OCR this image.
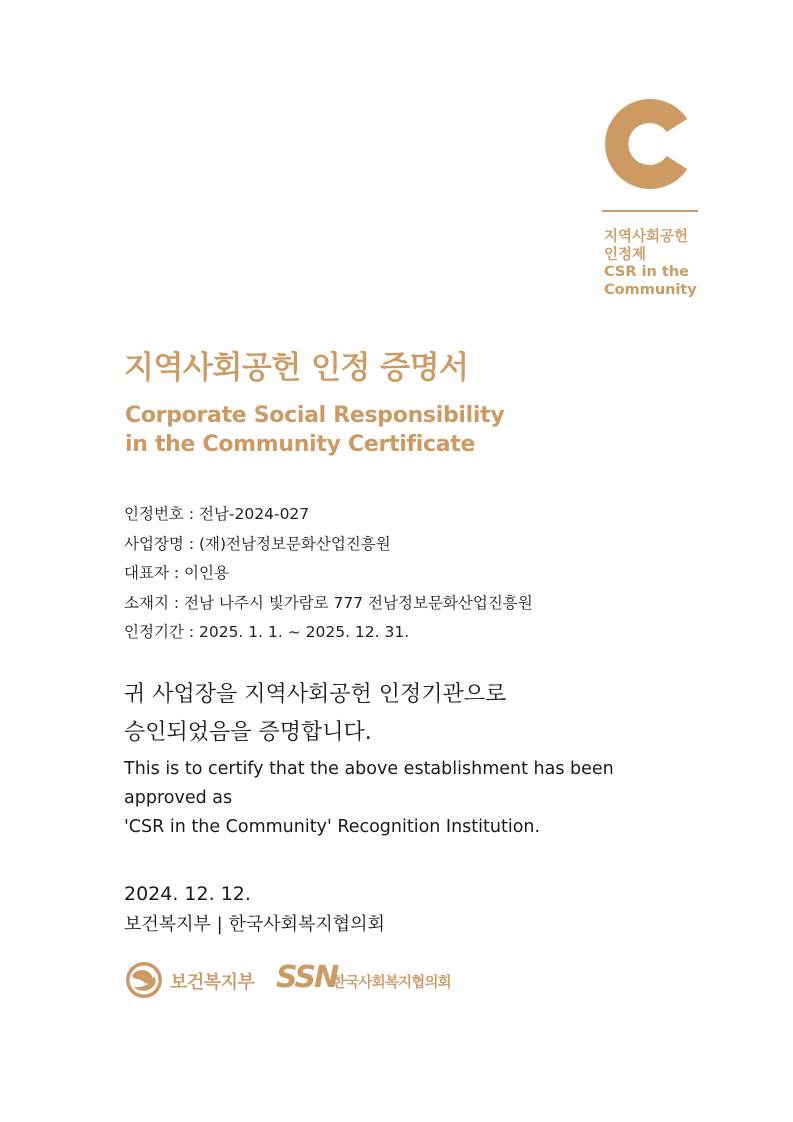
지역사회공헌
인정제
CSR in the
Community
지역사회공헌 인정 증명서
Corporate Social Responsibility
in the Community Certificate
인정번호 : 전남-2024-027
사업장명 : (재)전남정보문화산업진흥원
대표자 : 이인용
소재지 : 전남 나주시 빛가람로 777 전남정보문화산업진흥원
인정기간 : 2025. 1. 1. ~ 2025. 12. 31.
귀 사업장을 지역사회공헌 인정기관으로
승인되었음을 증명합니다.
This is to certify that the above establishment has been
approved as
'CSR in the Community' Recognition Institution.
2024. 12. 12.
보건복지부 | 한국사회복지협의회
보건복지부 SSN
한국사회복지협의회
